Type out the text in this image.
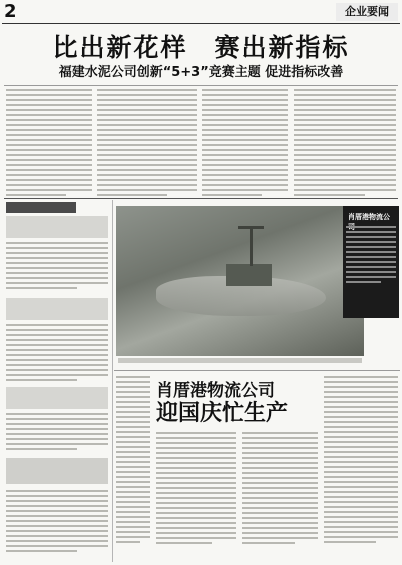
2	企业要闻
比出新花样　赛出新指标
福建水泥公司创新“5+3”竞赛主题 促进指标改善
肖厝港物流公
肖厝港物流公司
迎国庆忙生产
